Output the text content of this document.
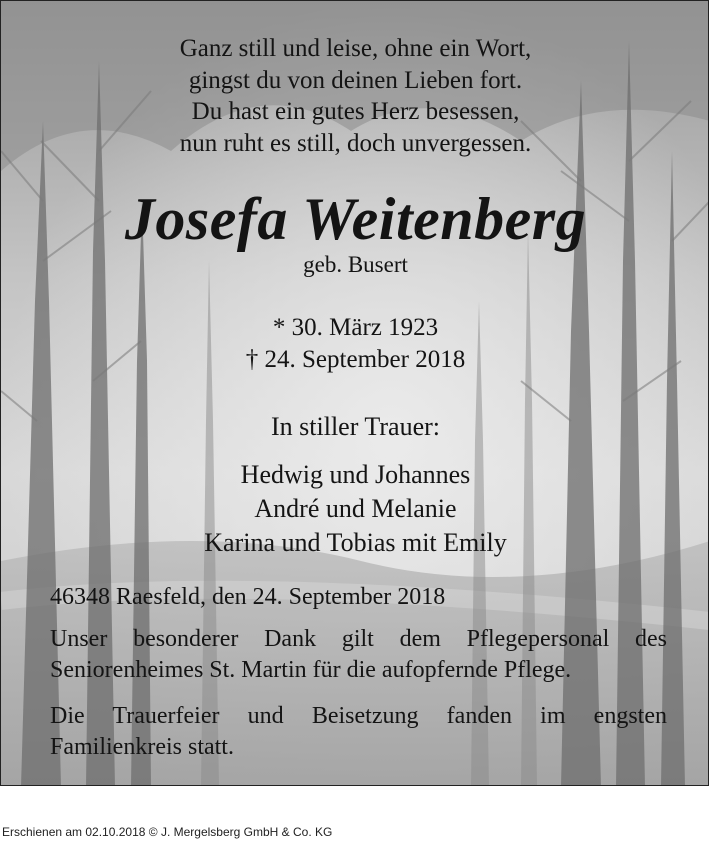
Ganz still und leise, ohne ein Wort,
gingst du von deinen Lieben fort.
Du hast ein gutes Herz besessen,
nun ruht es still, doch unvergessen.
Josefa Weitenberg
geb. Busert
* 30. März 1923
† 24. September 2018
In stiller Trauer:
Hedwig und Johannes
André und Melanie
Karina und Tobias mit Emily
46348 Raesfeld, den 24. September 2018
Unser besonderer Dank gilt dem Pflegepersonal des Seniorenheimes St. Martin für die aufopfernde Pflege.
Die Trauerfeier und Beisetzung fanden im engsten Familienkreis statt.
Erschienen am 02.10.2018 © J. Mergelsberg GmbH & Co. KG
